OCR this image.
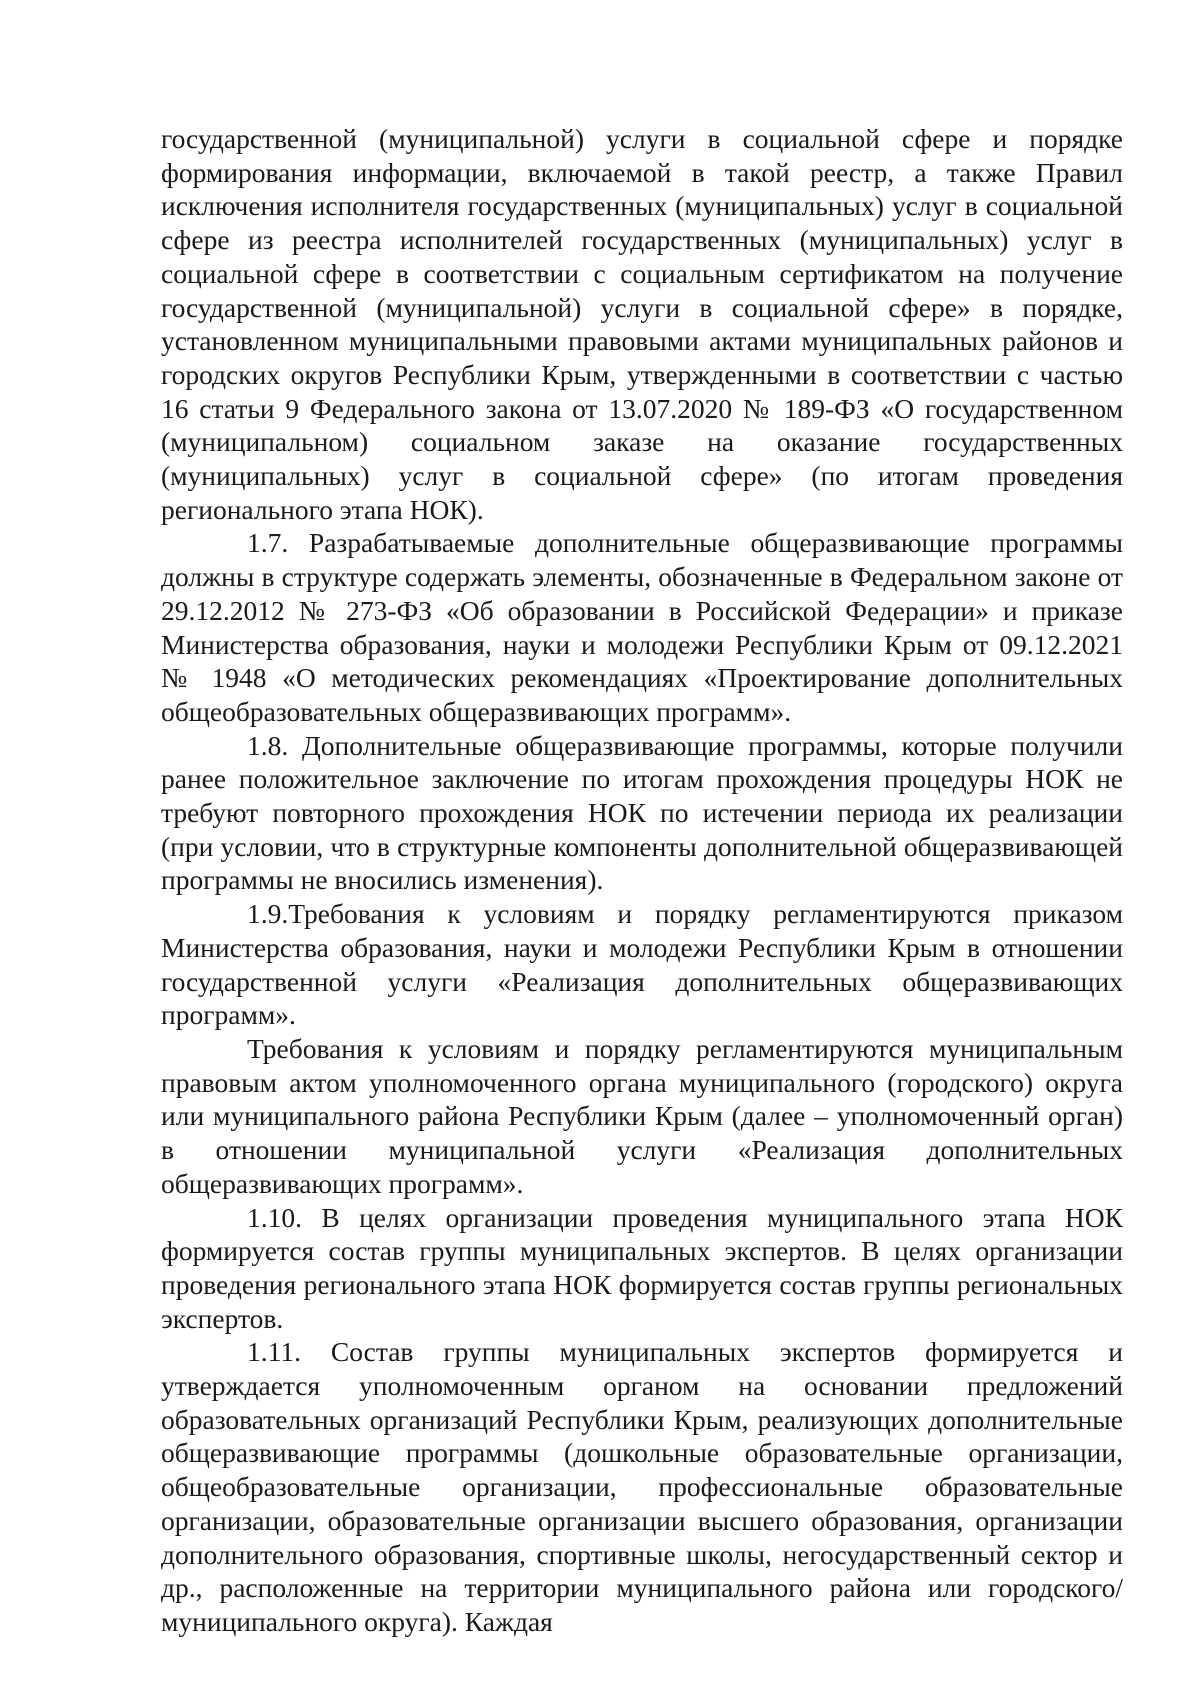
государственной (муниципальной) услуги в социальной сфере и порядке формирования информации, включаемой в такой реестр, а также Правил исключения исполнителя государственных (муниципальных) услуг в социальной сфере из реестра исполнителей государственных (муниципальных) услуг в социальной сфере в соответствии с социальным сертификатом на получение государственной (муниципальной) услуги в социальной сфере» в порядке, установленном муниципальными правовыми актами муниципальных районов и городских округов Республики Крым, утвержденными в соответствии с частью 16 статьи 9 Федерального закона от 13.07.2020 № 189-ФЗ «О государственном (муниципальном) социальном заказе на оказание государственных (муниципальных) услуг в социальной сфере» (по итогам проведения регионального этапа НОК).

1.7. Разрабатываемые дополнительные общеразвивающие программы должны в структуре содержать элементы, обозначенные в Федеральном законе от 29.12.2012 № 273-ФЗ «Об образовании в Российской Федерации» и приказе Министерства образования, науки и молодежи Республики Крым от 09.12.2021 № 1948 «О методических рекомендациях «Проектирование дополнительных общеобразовательных общеразвивающих программ».

1.8. Дополнительные общеразвивающие программы, которые получили ранее положительное заключение по итогам прохождения процедуры НОК не требуют повторного прохождения НОК по истечении периода их реализации (при условии, что в структурные компоненты дополнительной общеразвивающей программы не вносились изменения).

1.9.Требования к условиям и порядку регламентируются приказом Министерства образования, науки и молодежи Республики Крым в отношении государственной услуги «Реализация дополнительных общеразвивающих программ».

Требования к условиям и порядку регламентируются муниципальным правовым актом уполномоченного органа муниципального (городского) округа или муниципального района Республики Крым (далее – уполномоченный орган) в отношении муниципальной услуги «Реализация дополнительных общеразвивающих программ».

1.10. В целях организации проведения муниципального этапа НОК формируется состав группы муниципальных экспертов. В целях организации проведения регионального этапа НОК формируется состав группы региональных экспертов.

1.11. Состав группы муниципальных экспертов формируется и утверждается уполномоченным органом на основании предложений образовательных организаций Республики Крым, реализующих дополнительные общеразвивающие программы (дошкольные образовательные организации, общеобразовательные организации, профессиональные образовательные организации, образовательные организации высшего образования, организации дополнительного образования, спортивные школы, негосударственный сектор и др., расположенные на территории муниципального района или городского/муниципального округа). Каждая
